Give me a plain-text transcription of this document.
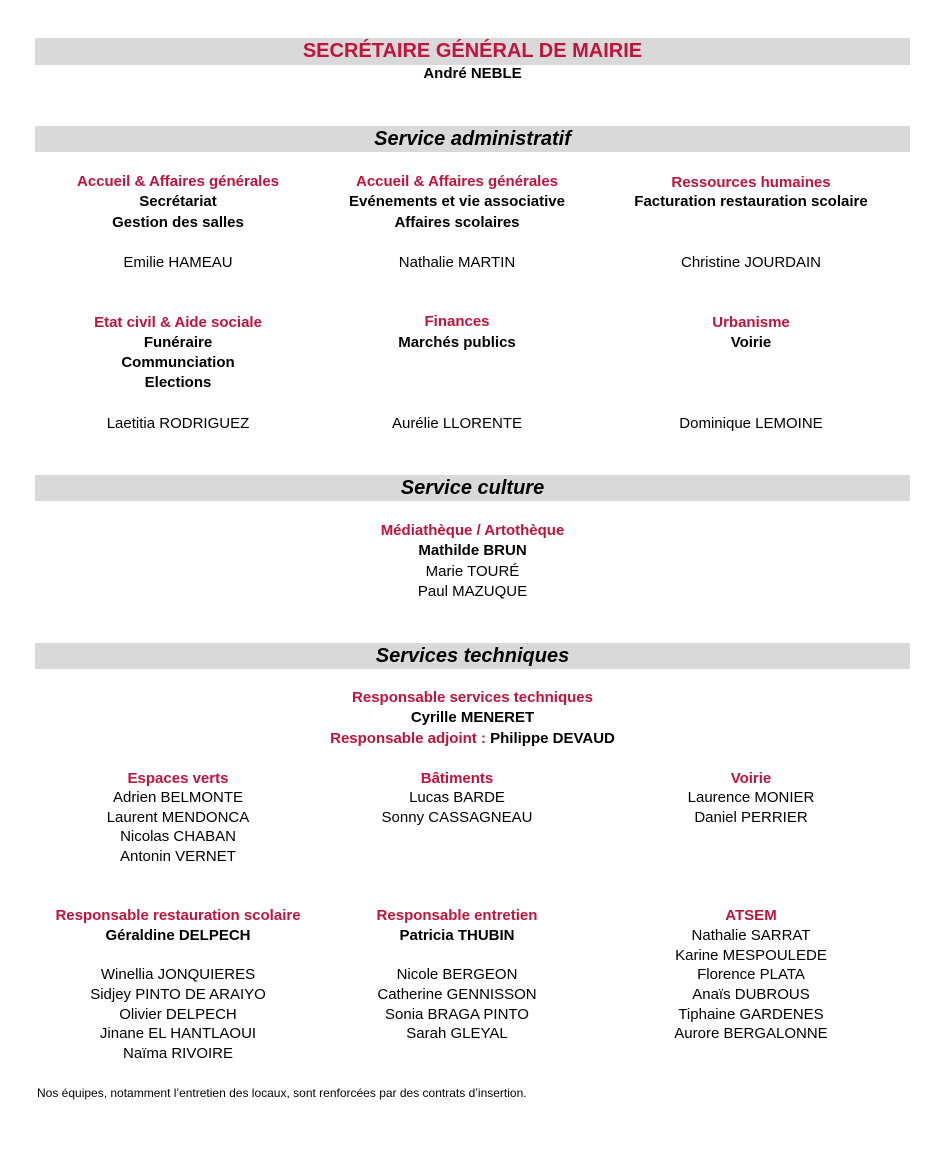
SECRÉTAIRE GÉNÉRAL DE MAIRIE
André NEBLE
Service administratif
Accueil & Affaires générales
Secrétariat
Gestion des salles
Emilie HAMEAU
Accueil & Affaires générales
Evénements et vie associative
Affaires scolaires
Nathalie MARTIN
Ressources humaines
Facturation restauration scolaire
Christine JOURDAIN
Etat civil & Aide sociale
Funéraire
Communciation
Elections
Laetitia RODRIGUEZ
Finances
Marchés publics
Aurélie LLORENTE
Urbanisme
Voirie
Dominique LEMOINE
Service culture
Médiathèque / Artothèque
Mathilde BRUN
Marie TOURÉ
Paul MAZUQUE
Services techniques
Responsable services techniques
Cyrille MENERET
Responsable adjoint : Philippe DEVAUD
Espaces verts
Adrien BELMONTE
Laurent MENDONCA
Nicolas CHABAN
Antonin VERNET
Bâtiments
Lucas BARDE
Sonny CASSAGNEAU
Voirie
Laurence MONIER
Daniel PERRIER
Responsable restauration scolaire
Géraldine DELPECH
Winellia JONQUIERES
Sidjey PINTO DE ARAIYO
Olivier DELPECH
Jinane EL HANTLAOUI
Naïma RIVOIRE
Responsable entretien
Patricia THUBIN
Nicole BERGEON
Catherine GENNISSON
Sonia BRAGA PINTO
Sarah GLEYAL
ATSEM
Nathalie SARRAT
Karine MESPOULEDE
Florence PLATA
Anaïs DUBROUS
Tiphaine GARDENES
Aurore BERGALONNE
Nos équipes, notamment l’entretien des locaux, sont renforcées par des contrats d’insertion.
